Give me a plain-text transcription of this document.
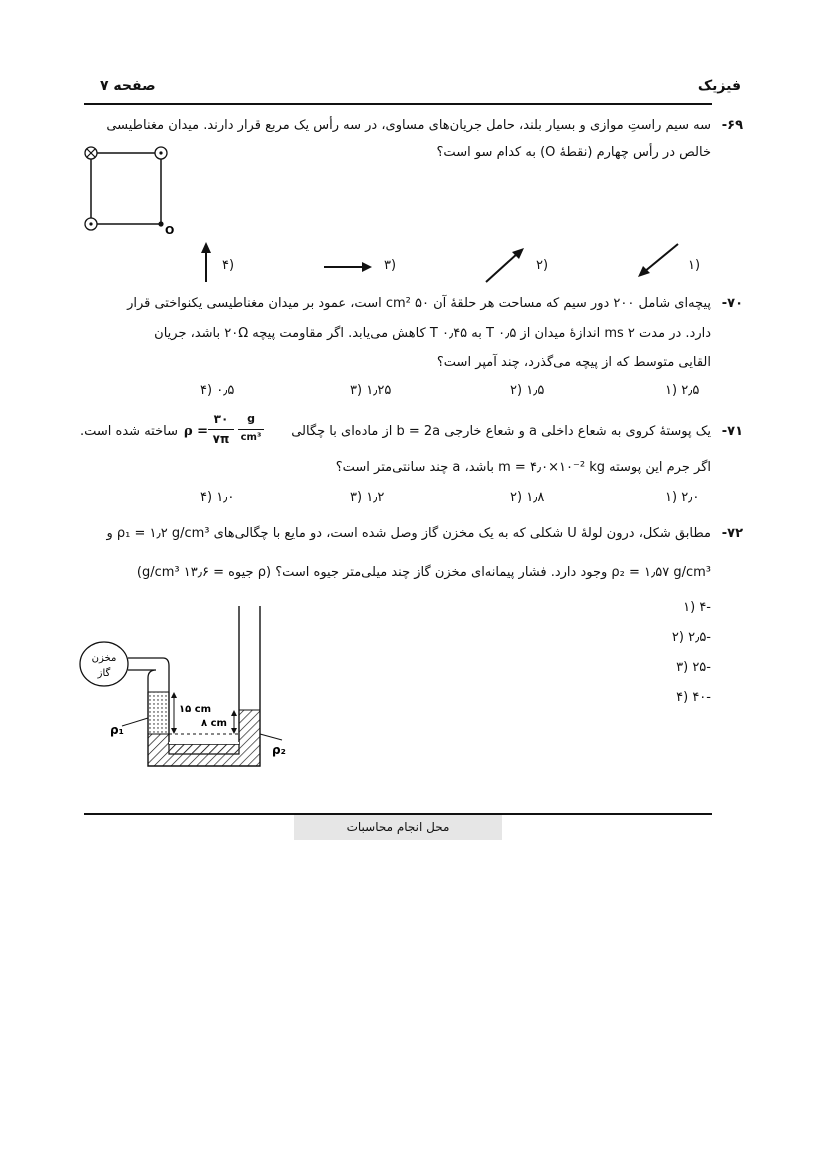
فیزیک
صفحه ۷
-۶۹
سه سیم راستِ موازی و بسیار بلند، حامل جریان‌های مساوی، در سه رأس یک مربع قرار دارند. میدان مغناطیسی
خالص در رأس چهارم (نقطهٔ O) به کدام سو است؟
O
(۱
(۲
(۳
(۴
-۷۰
پیچه‌ای شامل ۲۰۰ دور سیم که مساحت هر حلقهٔ آن ۵۰ cm² است، عمود بر میدان مغناطیسی یکنواختی قرار
دارد. در مدت ۲ ms اندازهٔ میدان از ۰٫۵ T به ۰٫۴۵ T کاهش می‌یابد. اگر مقاومت پیچه ۲۰Ω باشد، جریان
القایی متوسط که از پیچه می‌گذرد، چند آمپر است؟
۲٫۵ (۱
۱٫۵ (۲
۱٫۲۵ (۳
۰٫۵ (۴
-۷۱
یک پوستهٔ کروی به شعاع داخلی a و شعاع خارجی b = 2a از ماده‌ای با چگالی
ρ =
۳۰
۷π
g
cm³
ساخته شده است.
اگر جرم این پوسته m = ۴٫۰×۱۰⁻² kg باشد، a چند سانتی‌متر است؟
۲٫۰ (۱
۱٫۸ (۲
۱٫۲ (۳
۱٫۰ (۴
-۷۲
مطابق شکل، درون لولهٔ U شکلی که به یک مخزن گاز وصل شده است، دو مایع با چگالی‌های ρ₁ = ۱٫۲ g/cm³ و
ρ₂ = ۱٫۵۷ g/cm³ وجود دارد. فشار پیمانه‌ای مخزن گاز چند میلی‌متر جیوه است؟ (ρ جیوه = ۱۳٫۶ g/cm³)
-۴ (۱
-۲٫۵ (۲
-۲۵ (۳
-۴۰ (۴
مخزن
گاز
۱۵ cm
۸ cm
ρ₁
ρ₂
محل انجام محاسبات
